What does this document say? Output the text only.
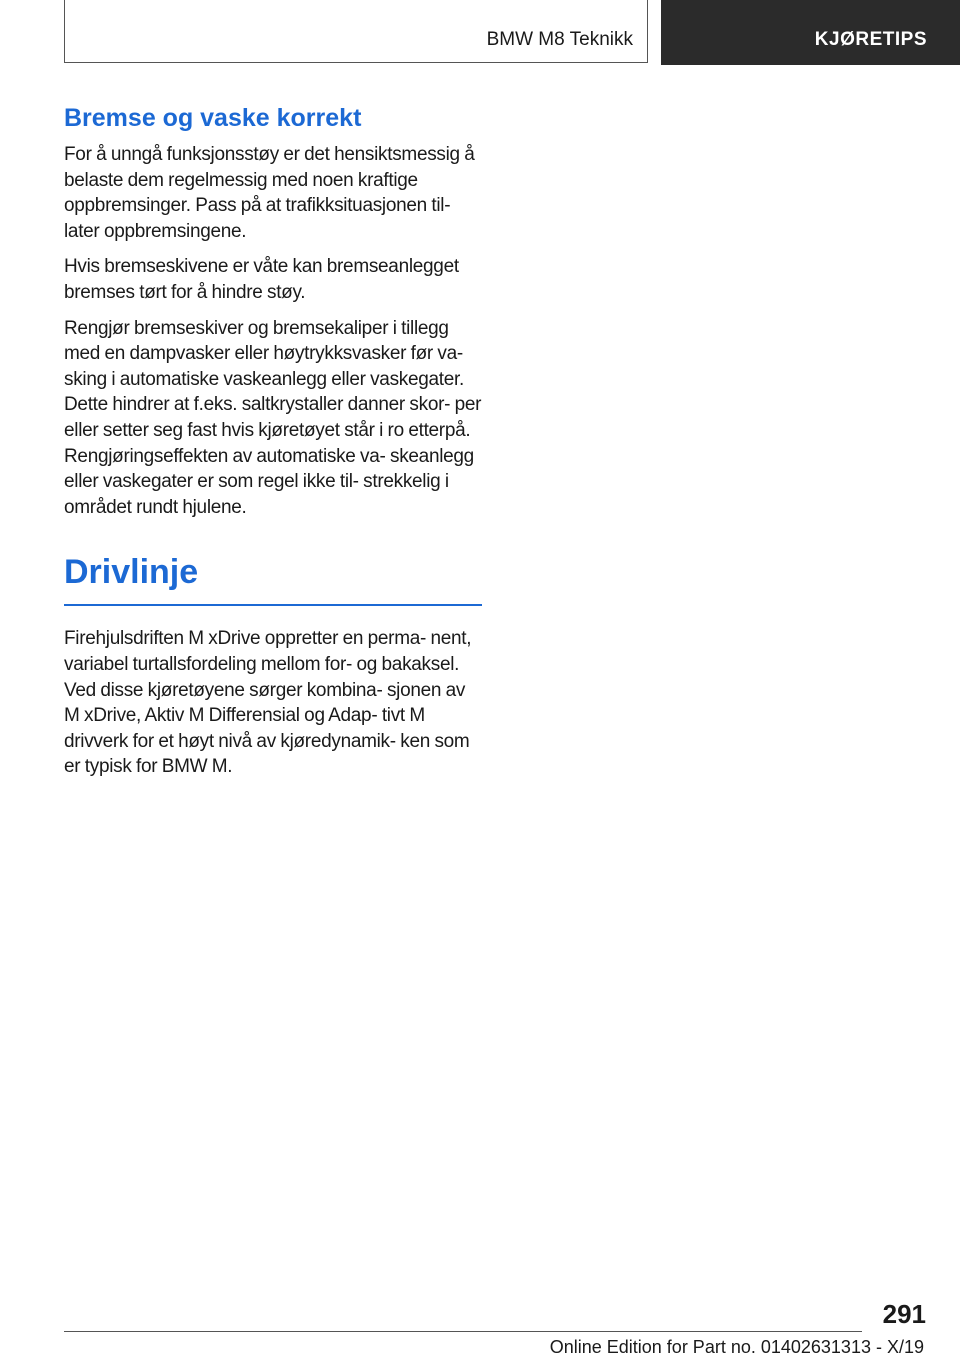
BMW M8 Teknikk	KJØRETIPS
Bremse og vaske korrekt

For å unngå funksjonsstøy er det hensiktsmessig å belaste dem regelmessig med noen kraftige oppbremsinger. Pass på at trafikksituasjonen til‐ later oppbremsingene.

Hvis bremseskivene er våte kan bremseanlegget bremses tørt for å hindre støy.

Rengjør bremseskiver og bremsekaliper i tillegg med en dampvasker eller høytrykksvasker før va‐ sking i automatiske vaskeanlegg eller vaskegater. Dette hindrer at f.eks. saltkrystaller danner skor‐ per eller setter seg fast hvis kjøretøyet står i ro etterpå. Rengjøringseffekten av automatiske va‐ skeanlegg eller vaskegater er som regel ikke til‐ strekkelig i området rundt hjulene.

Drivlinje

Firehjulsdriften M xDrive oppretter en perma‐ nent, variabel turtallsfordeling mellom for- og bakaksel. Ved disse kjøretøyene sørger kombina‐ sjonen av M xDrive, Aktiv M Differensial og Adap‐ tivt M drivverk for et høyt nivå av kjøredynamik‐ ken som er typisk for BMW M.

291
Online Edition for Part no. 01402631313 - X/19
